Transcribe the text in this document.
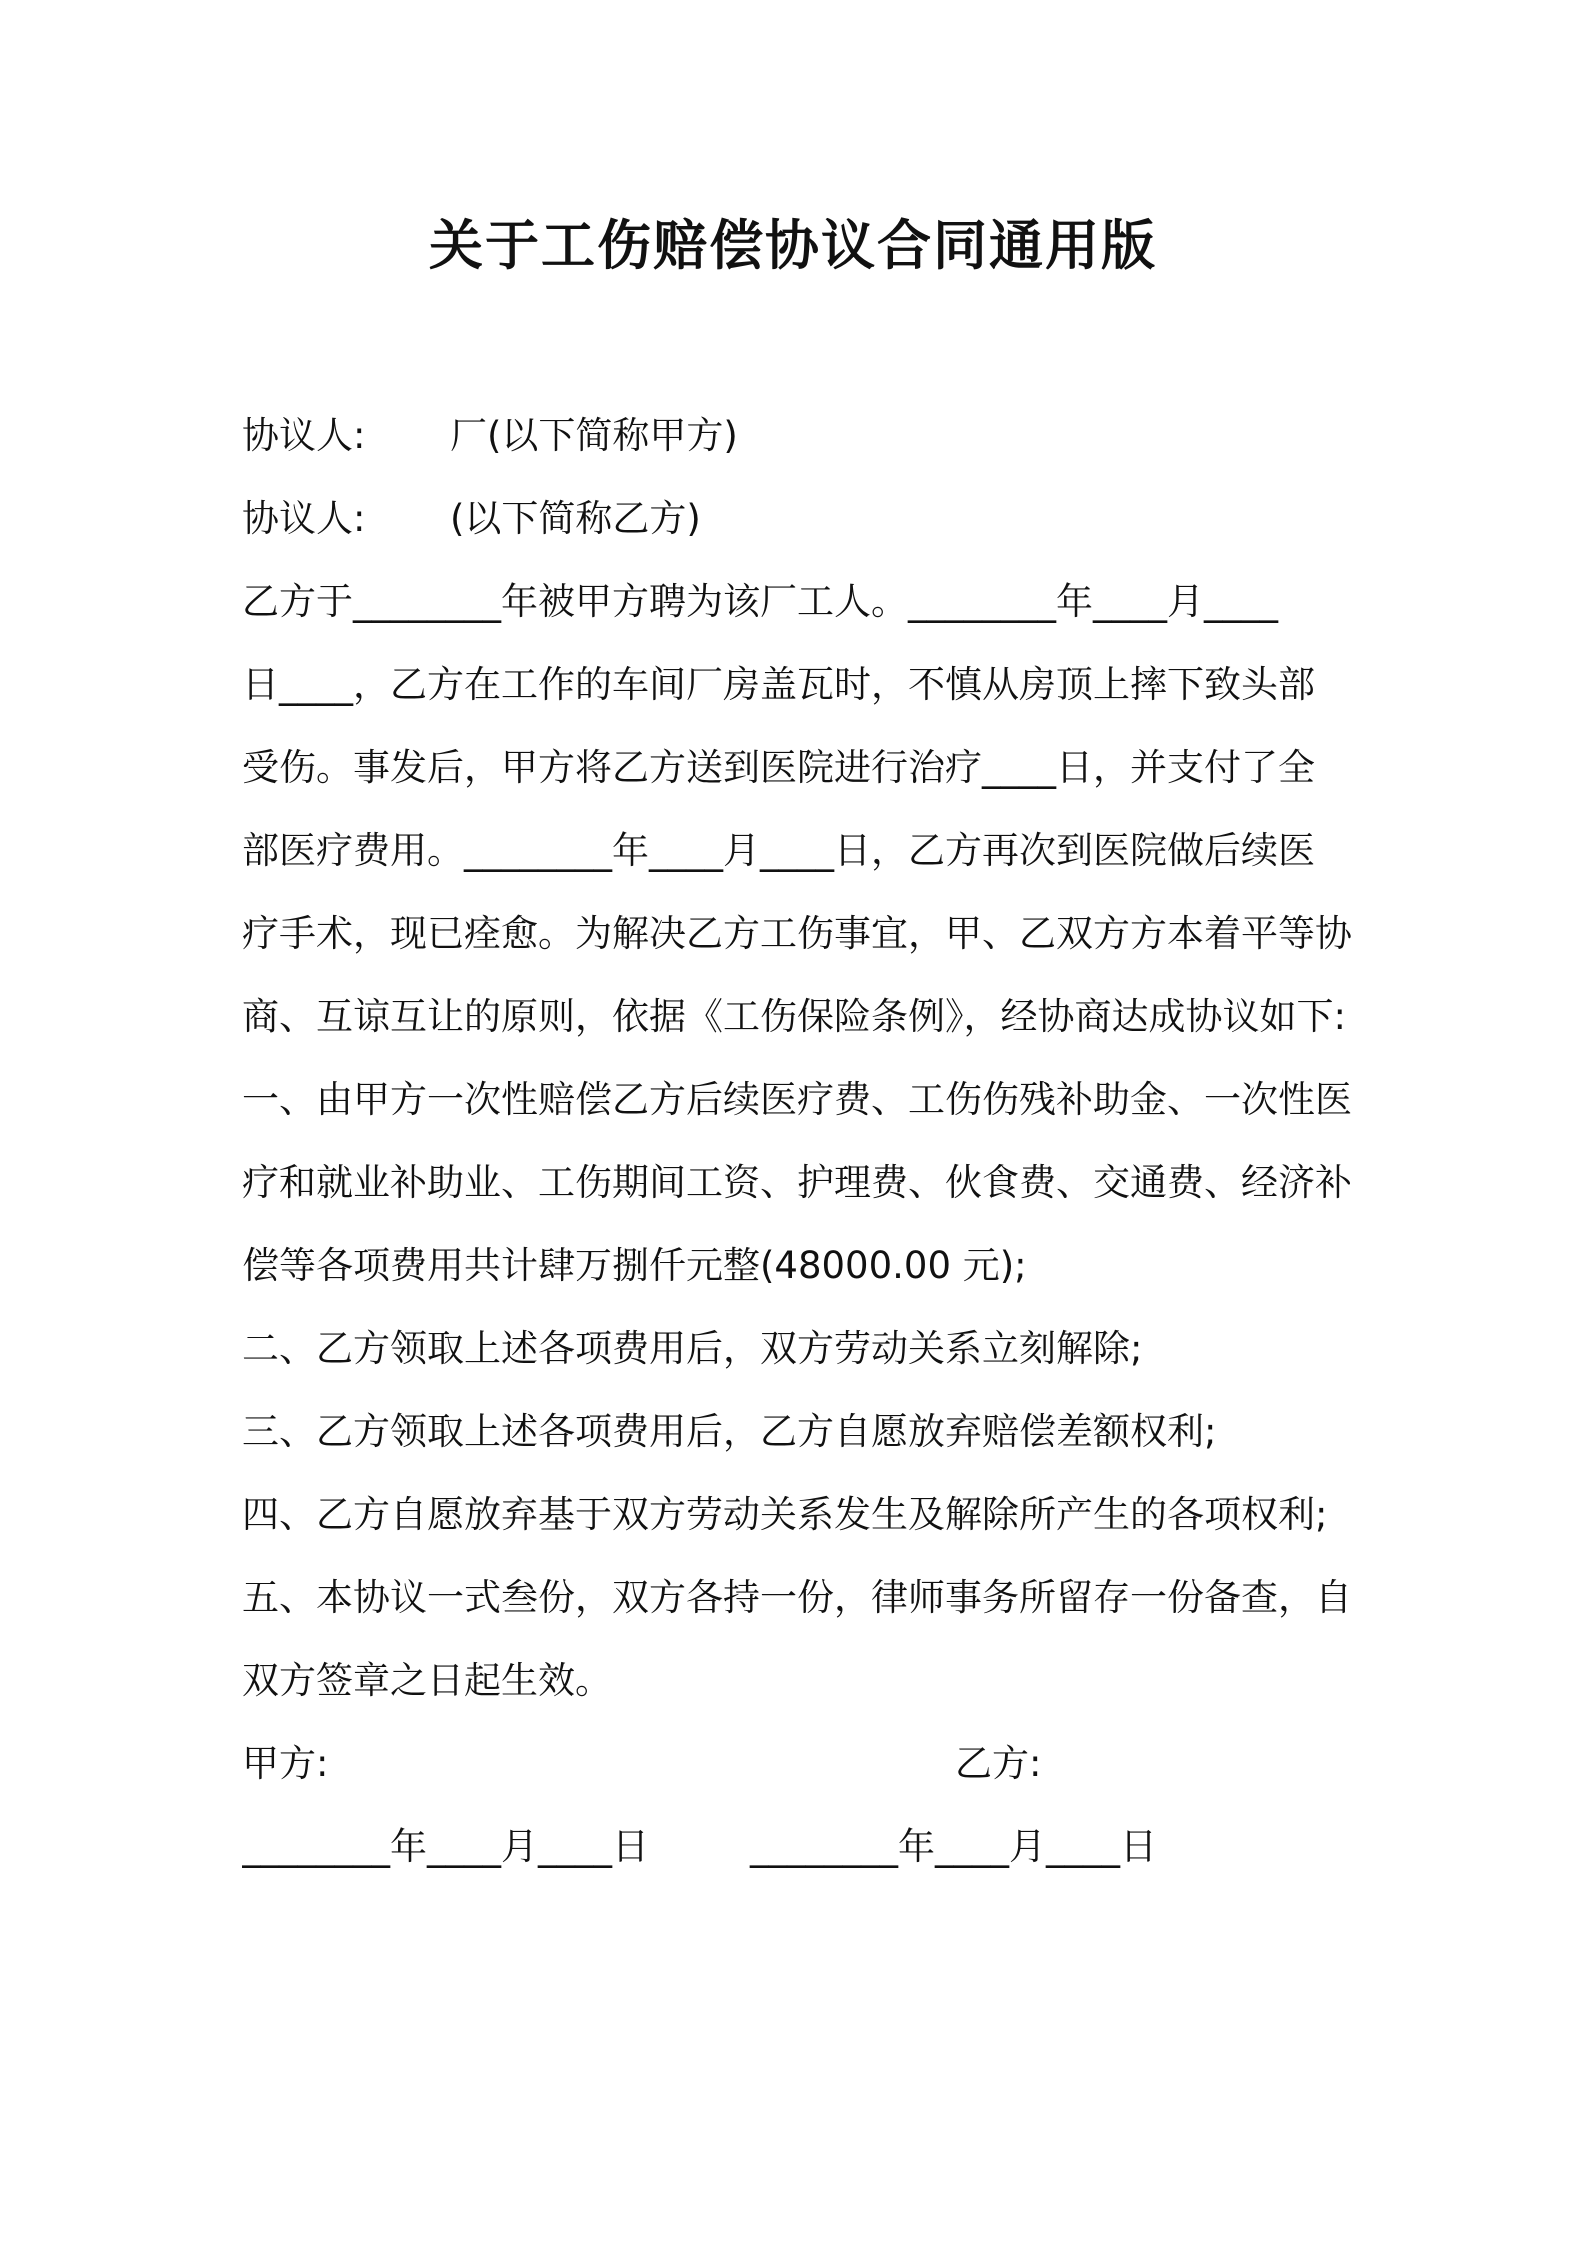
关于工伤赔偿协议合同通用版
协议人: 厂(以下简称甲方)
协议人: (以下简称乙方)
乙方于________年被甲方聘为该厂工人。________年____月____
日____，乙方在工作的车间厂房盖瓦时，不慎从房顶上摔下致头部
受伤。事发后，甲方将乙方送到医院进行治疗____日，并支付了全
部医疗费用。________年____月____日，乙方再次到医院做后续医
疗手术，现已痊愈。为解决乙方工伤事宜，甲、乙双方方本着平等协
商、互谅互让的原则，依据《工伤保险条例》，经协商达成协议如下:
一、由甲方一次性赔偿乙方后续医疗费、工伤伤残补助金、一次性医
疗和就业补助业、工伤期间工资、护理费、伙食费、交通费、经济补
偿等各项费用共计肆万捌仟元整(48000.00 元);
二、乙方领取上述各项费用后，双方劳动关系立刻解除;
三、乙方领取上述各项费用后，乙方自愿放弃赔偿差额权利;
四、乙方自愿放弃基于双方劳动关系发生及解除所产生的各项权利;
五、本协议一式叁份，双方各持一份，律师事务所留存一份备查，自
双方签章之日起生效。
甲方:	乙方:
________年____月____日	________年____月____日
